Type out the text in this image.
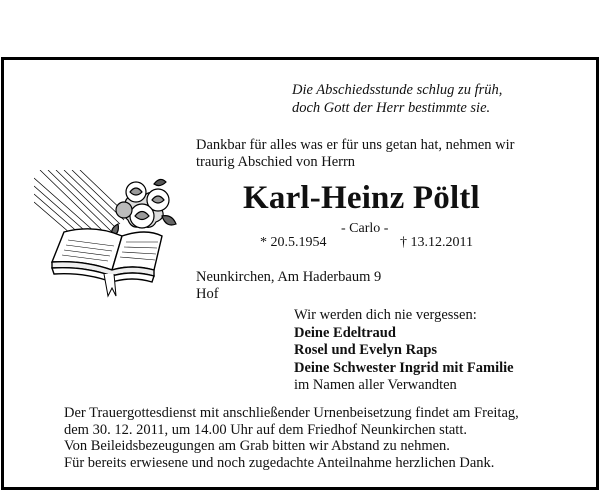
Die Abschiedsstunde schlug zu früh,
doch Gott der Herr bestimmte sie.
Dankbar für alles was er für uns getan hat, nehmen wir
traurig Abschied von Herrn
Karl-Heinz Pöltl
- Carlo -
* 20.5.1954	† 13.12.2011
Neunkirchen, Am Haderbaum 9
Hof
Wir werden dich nie vergessen:
Deine Edeltraud
Rosel und Evelyn Raps
Deine Schwester Ingrid mit Familie
im Namen aller Verwandten
Der Trauergottesdienst mit anschließender Urnenbeisetzung findet am Freitag,
dem 30. 12. 2011, um 14.00 Uhr auf dem Friedhof Neunkirchen statt.
Von Beileidsbezeugungen am Grab bitten wir Abstand zu nehmen.
Für bereits erwiesene und noch zugedachte Anteilnahme herzlichen Dank.
